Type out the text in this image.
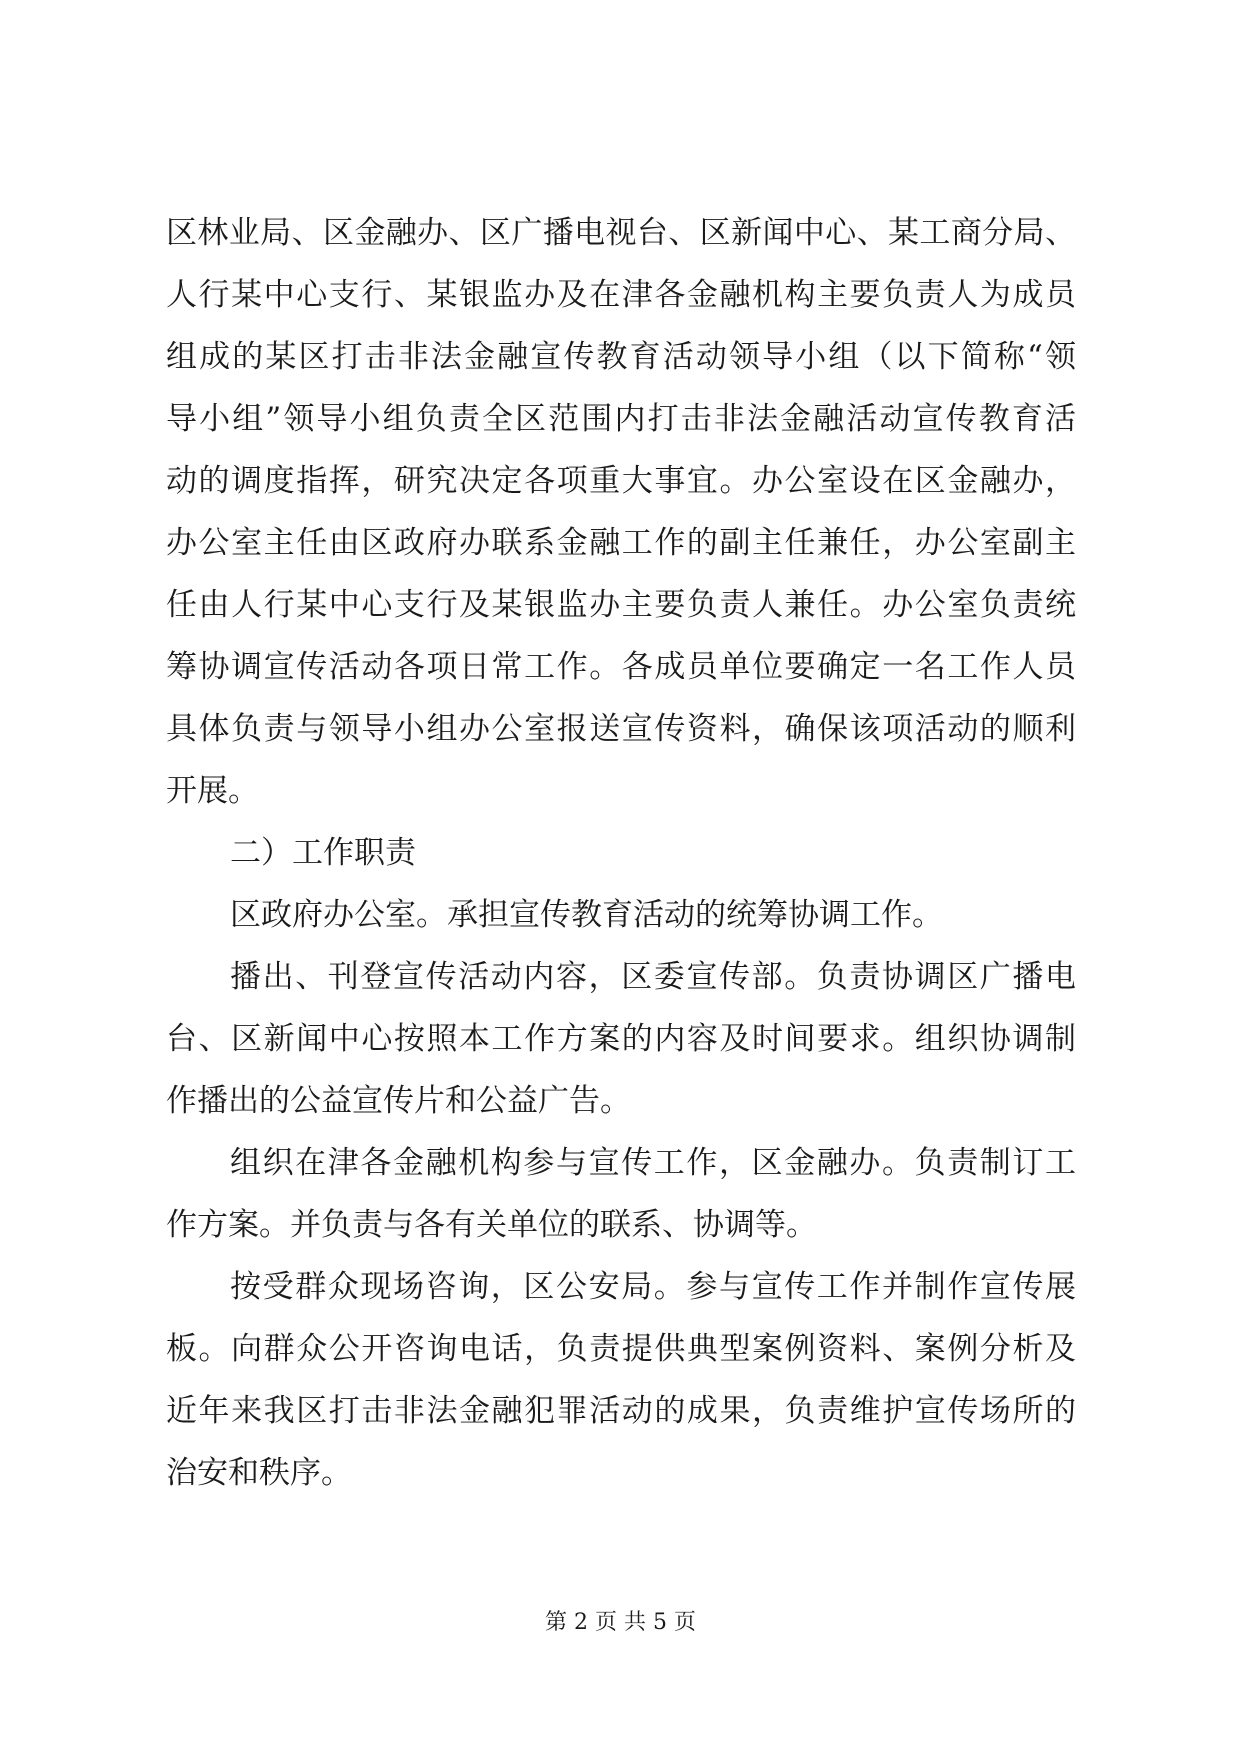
区林业局、区金融办、区广播电视台、区新闻中心、某工商分局、
人行某中心支行、某银监办及在津各金融机构主要负责人为成员
组成的某区打击非法金融宣传教育活动领导小组（以下简称“领
导小组”领导小组负责全区范围内打击非法金融活动宣传教育活
动的调度指挥，研究决定各项重大事宜。办公室设在区金融办，
办公室主任由区政府办联系金融工作的副主任兼任，办公室副主
任由人行某中心支行及某银监办主要负责人兼任。办公室负责统
筹协调宣传活动各项日常工作。各成员单位要确定一名工作人员
具体负责与领导小组办公室报送宣传资料，确保该项活动的顺利
开展。
二）工作职责
区政府办公室。承担宣传教育活动的统筹协调工作。
播出、刊登宣传活动内容，区委宣传部。负责协调区广播电
台、区新闻中心按照本工作方案的内容及时间要求。组织协调制
作播出的公益宣传片和公益广告。
组织在津各金融机构参与宣传工作，区金融办。负责制订工
作方案。并负责与各有关单位的联系、协调等。
按受群众现场咨询，区公安局。参与宣传工作并制作宣传展
板。向群众公开咨询电话，负责提供典型案例资料、案例分析及
近年来我区打击非法金融犯罪活动的成果，负责维护宣传场所的
治安和秩序。
第 2 页 共 5 页
